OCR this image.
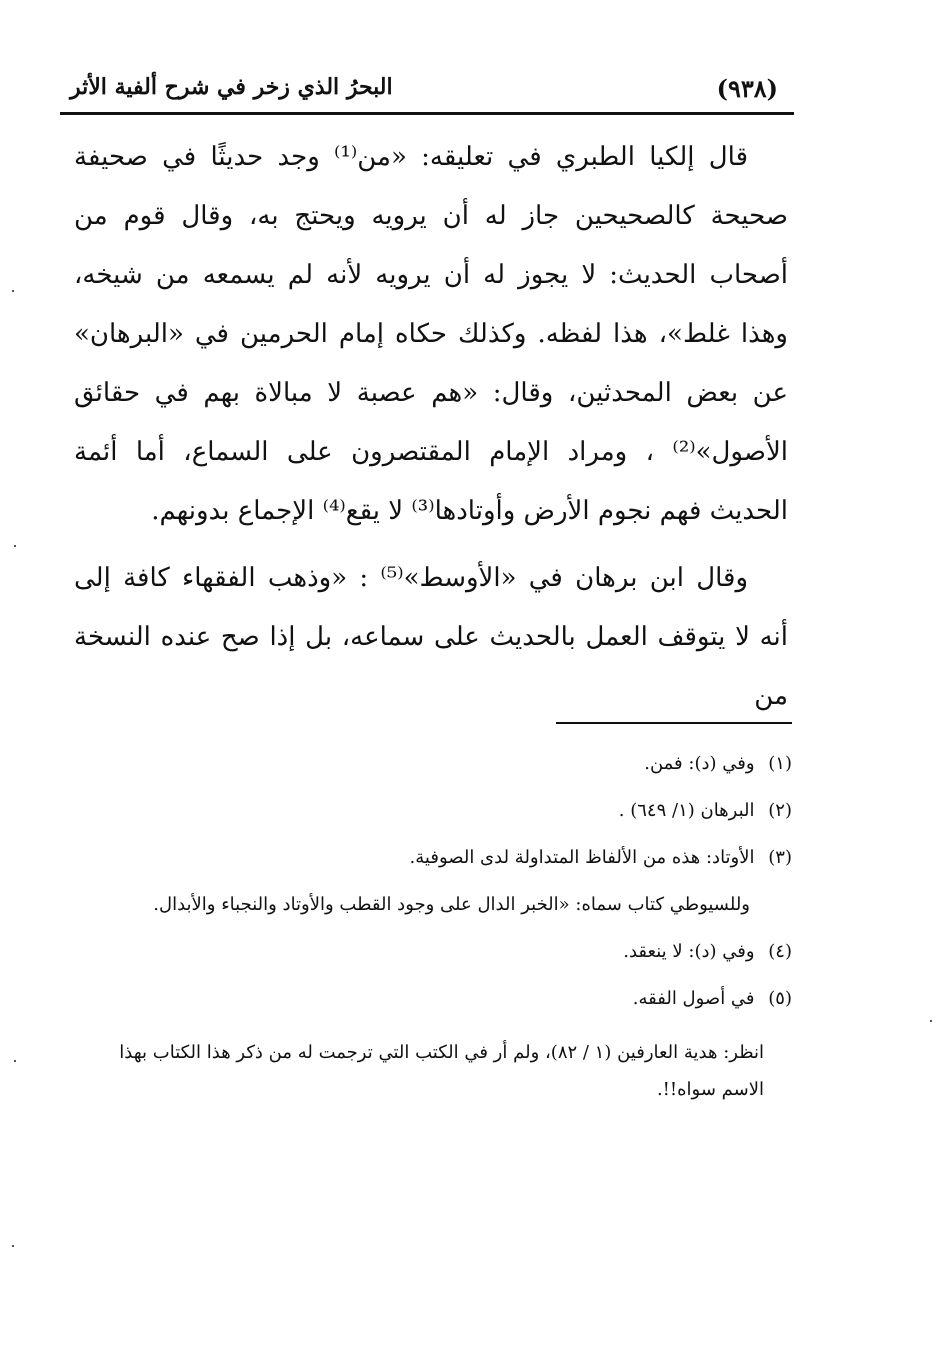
(٩٣٨)
البحرُ الذي زخر في شرح ألفية الأثر

قال إلكيا الطبري في تعليقه: «من⁽¹⁾ وجد حديثًا في صحيفة صحيحة كالصحيحين جاز له أن يرويه ويحتج به، وقال قوم من أصحاب الحديث: لا يجوز له أن يرويه لأنه لم يسمعه من شيخه، وهذا غلط»، هذا لفظه. وكذلك حكاه إمام الحرمين في «البرهان» عن بعض المحدثين، وقال: «هم عصبة لا مبالاة بهم في حقائق الأصول»⁽²⁾ ، ومراد الإمام المقتصرون على السماع، أما أئمة الحديث فهم نجوم الأرض وأوتادها⁽³⁾ لا يقع⁽⁴⁾ الإجماع بدونهم.

وقال ابن برهان في «الأوسط»⁽⁵⁾ : «وذهب الفقهاء كافة إلى أنه لا يتوقف العمل بالحديث على سماعه، بل إذا صح عنده النسخة من

(١) وفي (د): فمن.

(٢) البرهان (١/ ٦٤٩) .

(٣) الأوتاد: هذه من الألفاظ المتداولة لدى الصوفية.

وللسيوطي كتاب سماه: «الخبر الدال على وجود القطب والأوتاد والنجباء والأبدال.

(٤) وفي (د): لا ينعقد.

(٥) في أصول الفقه.

انظر: هدية العارفين (١ / ٨٢)، ولم أر في الكتب التي ترجمت له من ذكر هذا الكتاب بهذا الاسم سواه!!.
